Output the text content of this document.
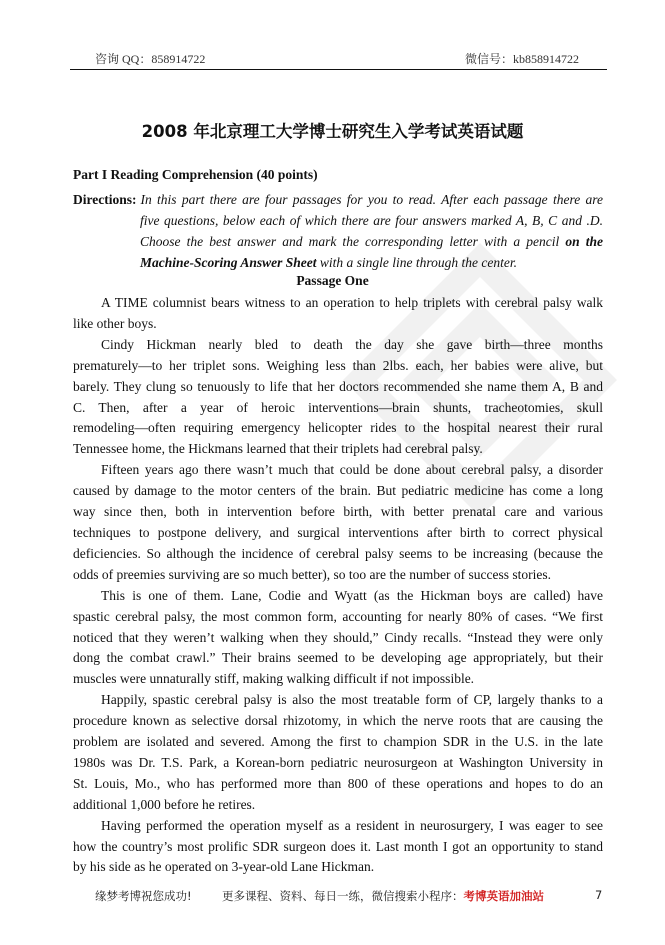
咨询 QQ：858914722	微信号：kb858914722
2008 年北京理工大学博士研究生入学考试英语试题
Part I Reading Comprehension (40 points)
Directions : In this part there are four passages for you to read. After each passage there are
five questions, below each of which there are four answers marked A, B, C and .D.
Choose the best answer and mark the corresponding letter with a pencil on the
Machine-Scoring Answer Sheet with a single line through the center.
Passage One
A TIME columnist bears witness to an operation to help triplets with cerebral palsy walk
like other boys.
Cindy Hickman nearly bled to death the day she gave birth—three months
prematurely—to her triplet sons. Weighing less than 2lbs. each, her babies were alive, but
barely. They clung so tenuously to life that her doctors recommended she name them A, B and
C. Then, after a year of heroic interventions—brain shunts, tracheotomies, skull
remodeling—often requiring emergency helicopter rides to the hospital nearest their rural
Tennessee home, the Hickmans learned that their triplets had cerebral palsy.
Fifteen years ago there wasn’t much that could be done about cerebral palsy, a disorder
caused by damage to the motor centers of the brain. But pediatric medicine has come a long
way since then, both in intervention before birth, with better prenatal care and various
techniques to postpone delivery, and surgical interventions after birth to correct physical
deficiencies. So although the incidence of cerebral palsy seems to be increasing (because the
odds of preemies surviving are so much better), so too are the number of success stories.
This is one of them. Lane, Codie and Wyatt (as the Hickman boys are called) have
spastic cerebral palsy, the most common form, accounting for nearly 80% of cases. “We first
noticed that they weren’t walking when they should,” Cindy recalls. “Instead they were only
dong the combat crawl.” Their brains seemed to be developing age appropriately, but their
muscles were unnaturally stiff, making walking difficult if not impossible.
Happily, spastic cerebral palsy is also the most treatable form of CP, largely thanks to a
procedure known as selective dorsal rhizotomy, in which the nerve roots that are causing the
problem are isolated and severed. Among the first to champion SDR in the U.S. in the late
1980s was Dr. T.S. Park, a Korean-born pediatric neurosurgeon at Washington University in
St. Louis, Mo., who has performed more than 800 of these operations and hopes to do an
additional 1,000 before he retires.
Having performed the operation myself as a resident in neurosurgery, I was eager to see
how the country’s most prolific SDR surgeon does it. Last month I got an opportunity to stand
by his side as he operated on 3-year-old Lane Hickman.
缘梦考博祝您成功!	更多课程、资料、每日一练，微信搜索小程序：考博英语加油站	7
